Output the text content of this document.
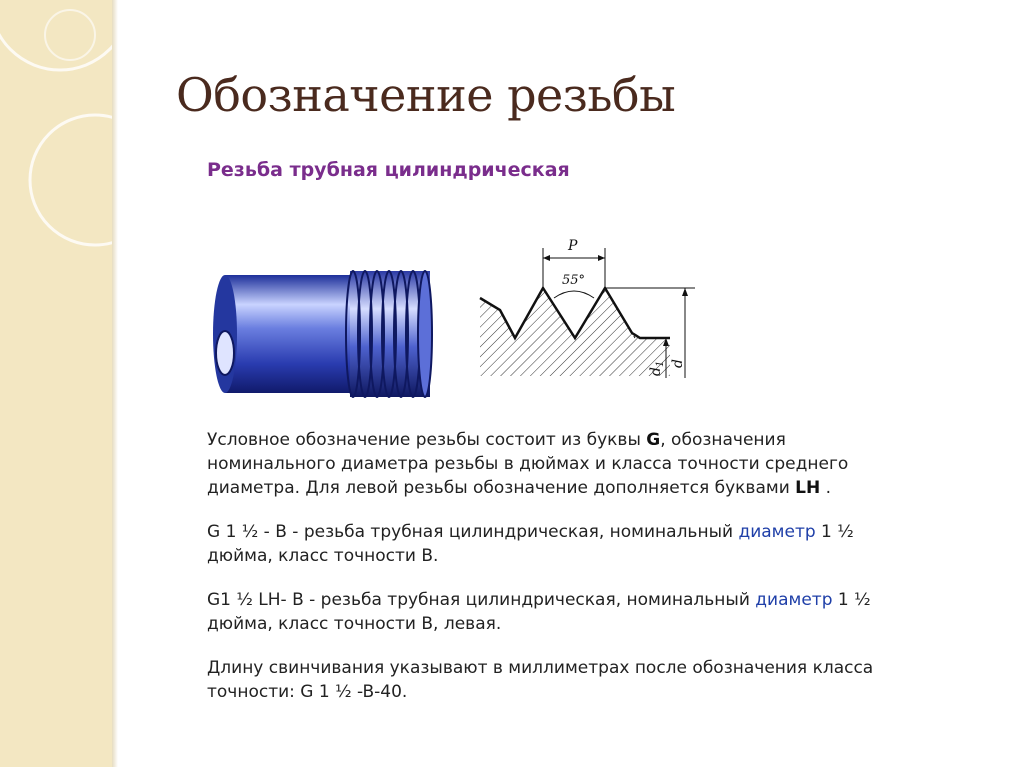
Обозначение резьбы
Резьба трубная цилиндрическая
P
55°
$d_1$ d

Условное обозначение резьбы состоит из буквы G, обозначения номинального диаметра резьбы в дюймах и класса точности среднего диаметра. Для левой резьбы обозначение дополняется буквами LH .

G 1 ½ - B - резьба трубная цилиндрическая, номинальный диаметр 1 ½ дюйма, класс точности В.

G1 ½ LH- B - резьба трубная цилиндрическая, номинальный диаметр 1 ½ дюйма, класс точности В, левая.

Длину свинчивания указывают в миллиметрах после обозначения класса точности: G 1 ½ -B-40.
